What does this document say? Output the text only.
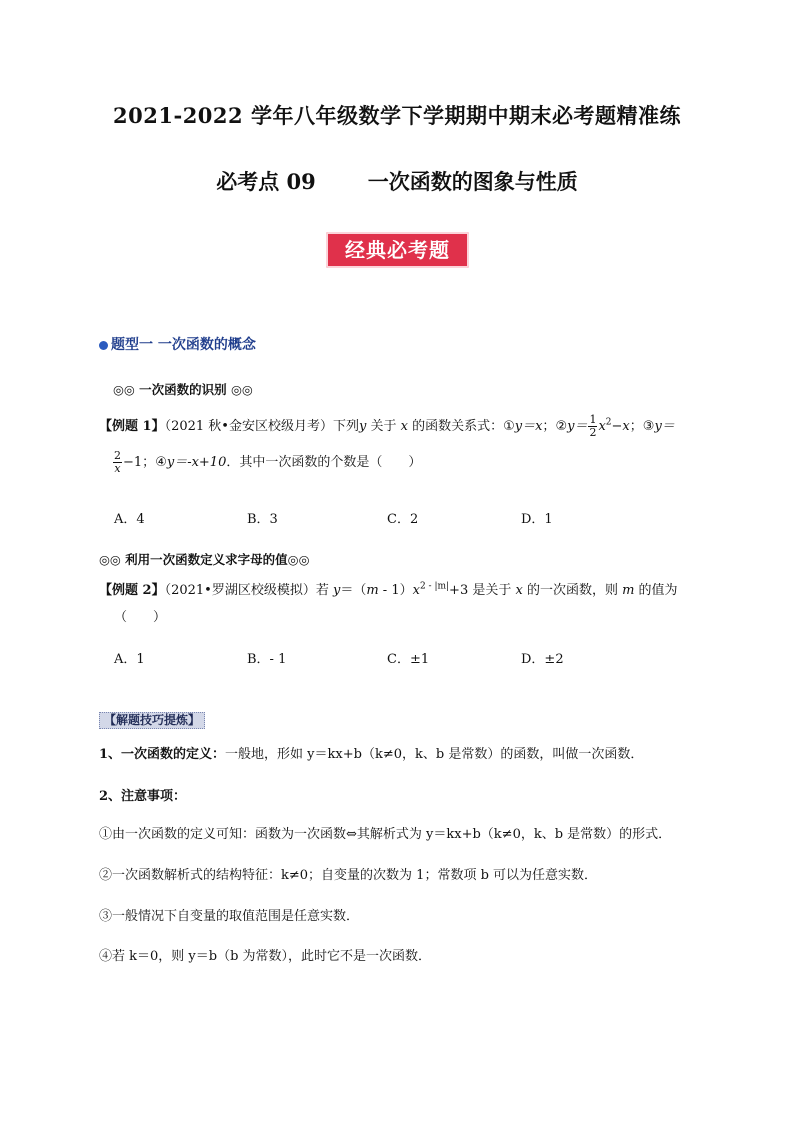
2021-2022 学年八年级数学下学期期中期末必考题精准练
必考点 09 一次函数的图象与性质
经典必考题
题型一 一次函数的概念
◎◎ 一次函数的识别 ◎◎
【例题 1】（2021 秋•金安区校级月考）下列y 关于 x 的函数关系式：①y＝x；②y＝ $\frac{1}{2} x^2-x$；③y＝
$\frac{2}{x} -1$；④y＝-x+10．其中一次函数的个数是（　　）
A．4	B．3	C．2	D．1
◎◎ 利用一次函数定义求字母的值◎◎
【例题 2】（2021•罗湖区校级模拟）若 $y=(m - 1)x^{2 - |m|}+3$ 是关于 x 的一次函数，则 m 的值为
（　　）
A．1	B．- 1	C．±1	D．±2
【解题技巧提炼】
1、一次函数的定义：一般地，形如 y＝kx+b（k≠0，k、b 是常数）的函数，叫做一次函数．
2、注意事项：
①由一次函数的定义可知：函数为一次函数⇔其解析式为 y＝kx+b（k≠0，k、b 是常数）的形式．
②一次函数解析式的结构特征：k≠0；自变量的次数为 1；常数项 b 可以为任意实数．
③一般情况下自变量的取值范围是任意实数．
④若 k＝0，则 y＝b（b 为常数），此时它不是一次函数．
